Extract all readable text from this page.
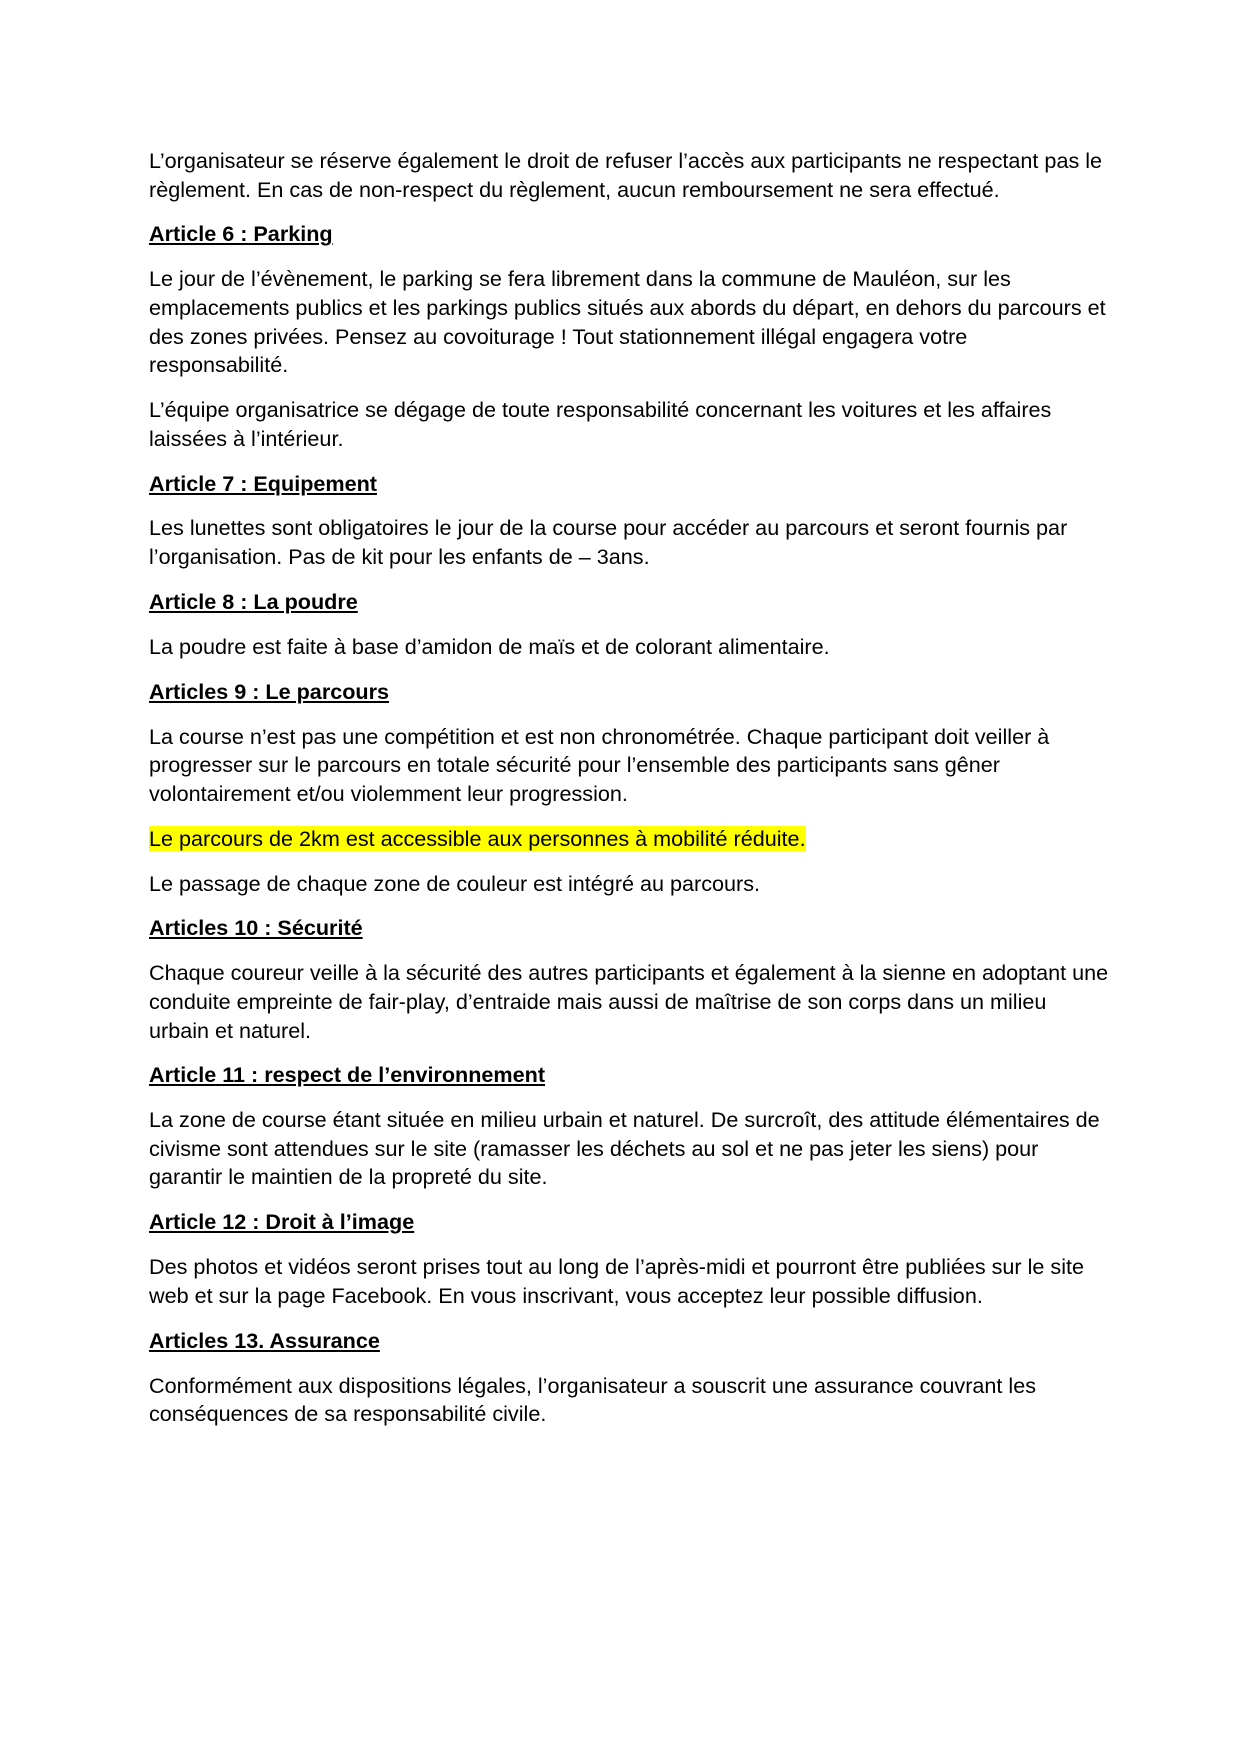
L’organisateur se réserve également le droit de refuser l’accès aux participants ne respectant pas le règlement. En cas de non-respect du règlement, aucun remboursement ne sera effectué.

Article 6 : Parking

Le jour de l’évènement, le parking se fera librement dans la commune de Mauléon, sur les emplacements publics et les parkings publics situés aux abords du départ, en dehors du parcours et des zones privées. Pensez au covoiturage ! Tout stationnement illégal engagera votre responsabilité.

L’équipe organisatrice se dégage de toute responsabilité concernant les voitures et les affaires laissées à l’intérieur.

Article 7 : Equipement

Les lunettes sont obligatoires le jour de la course pour accéder au parcours et seront fournis par l’organisation. Pas de kit pour les enfants de – 3ans.

Article 8 : La poudre

La poudre est faite à base d’amidon de maïs et de colorant alimentaire.

Articles 9 : Le parcours

La course n’est pas une compétition et est non chronométrée. Chaque participant doit veiller à progresser sur le parcours en totale sécurité pour l’ensemble des participants sans gêner volontairement et/ou violemment leur progression.

Le parcours de 2km est accessible aux personnes à mobilité réduite.

Le passage de chaque zone de couleur est intégré au parcours.

Articles 10 : Sécurité

Chaque coureur veille à la sécurité des autres participants et également à la sienne en adoptant une conduite empreinte de fair-play, d’entraide mais aussi de maîtrise de son corps dans un milieu urbain et naturel.

Article 11 : respect de l’environnement

La zone de course étant située en milieu urbain et naturel. De surcroît, des attitude élémentaires de civisme sont attendues sur le site (ramasser les déchets au sol et ne pas jeter les siens) pour garantir le maintien de la propreté du site.

Article 12 : Droit à l’image

Des photos et vidéos seront prises tout au long de l’après-midi et pourront être publiées sur le site web et sur la page Facebook. En vous inscrivant, vous acceptez leur possible diffusion.

Articles 13. Assurance

Conformément aux dispositions légales, l’organisateur a souscrit une assurance couvrant les conséquences de sa responsabilité civile.
